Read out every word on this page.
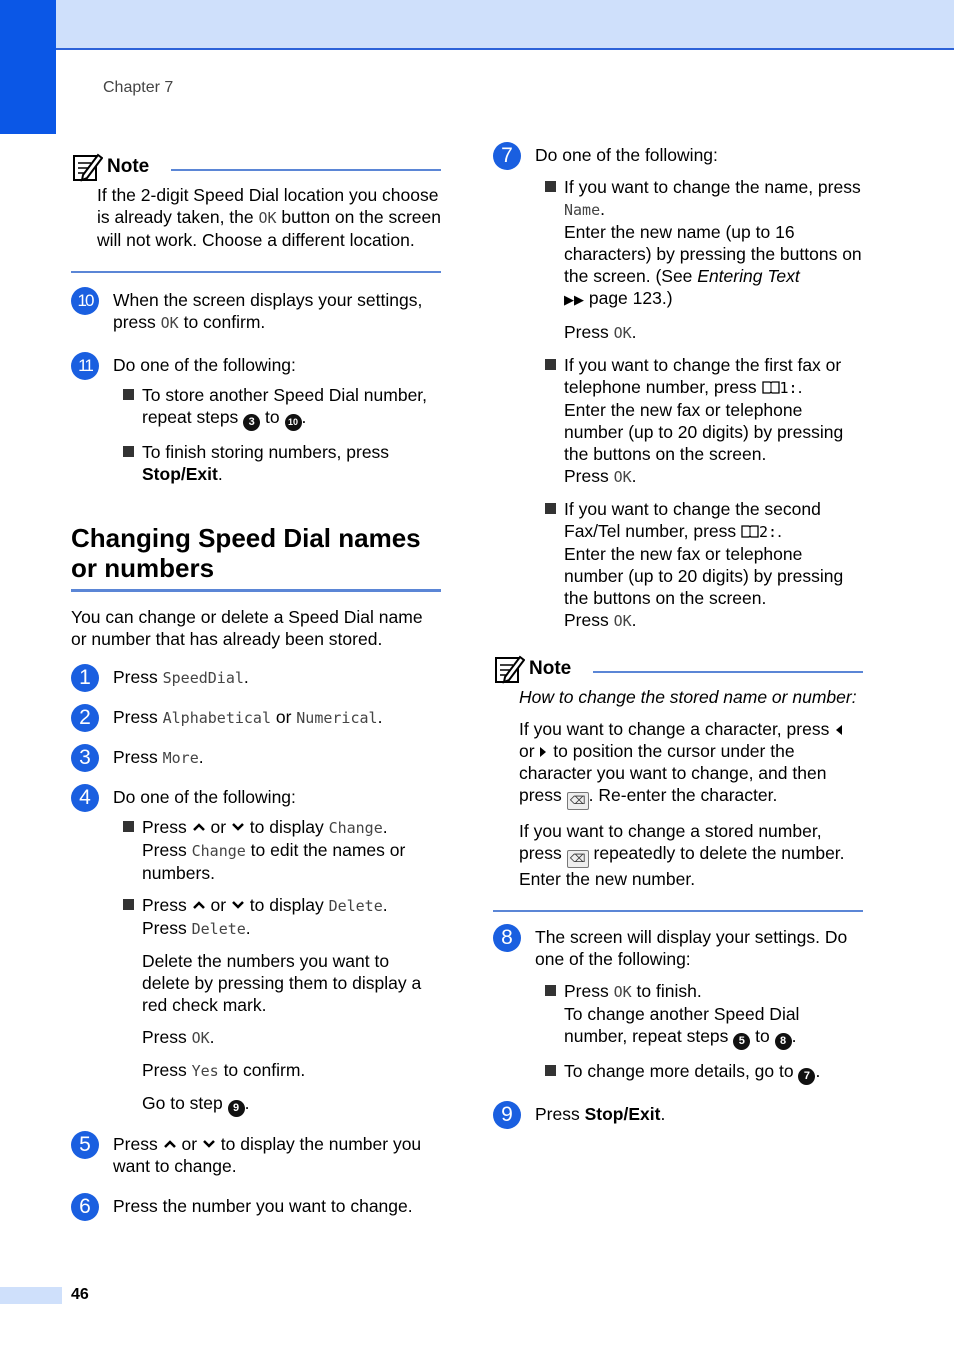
Chapter 7
Note

If the 2-digit Speed Dial location you choose is already taken, the OK button on the screen will not work. Choose a different location.

10	When the screen displays your settings, press OK to confirm.
11	Do one of the following:
To store another Speed Dial number, repeat steps 3 to 10 .
To finish storing numbers, press Stop/Exit.
Changing Speed Dial names or numbers

You can change or delete a Speed Dial name or number that has already been stored.

1	Press SpeedDial.
2	Press Alphabetical or Numerical.
3	Press More.
4	Do one of the following:
Press  or  to display Change.
Press Change to edit the names or numbers.
Press  or  to display Delete.
Press Delete.

Delete the numbers you want to delete by pressing them to display a red check mark.

Press OK.

Press Yes to confirm.

Go to step 9 .

5	Press  or  to display the number you want to change.
6	Press the number you want to change.
7	Do one of the following:
If you want to change the name, press Name.
Enter the new name (up to 16 characters) by pressing the buttons on the screen. (See Entering Text
▶▶ page 123.)

Press OK.

If you want to change the first fax or telephone number, press 1:.
Enter the new fax or telephone number (up to 20 digits) by pressing the buttons on the screen.
Press OK.
If you want to change the second Fax/Tel number, press 2:.
Enter the new fax or telephone number (up to 20 digits) by pressing the buttons on the screen.
Press OK.
Note

How to change the stored name or number:

If you want to change a character, press  or  to position the cursor under the character you want to change, and then press ⌫ . Re-enter the character.

If you want to change a stored number, press ⌫ repeatedly to delete the number. Enter the new number.

8	The screen will display your settings. Do one of the following:
Press OK to finish.
To change another Speed Dial number, repeat steps 5 to 8 .
To change more details, go to 7 .
9	Press Stop/Exit.
46
